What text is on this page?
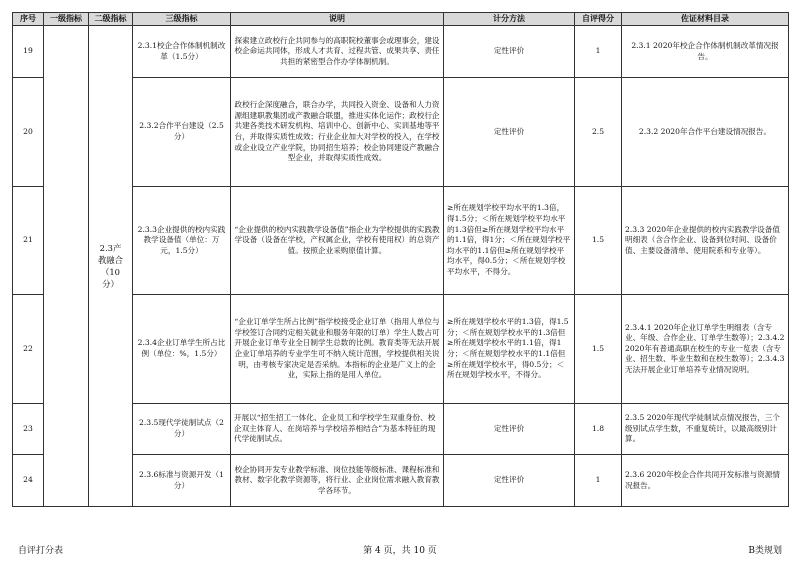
序号	一级指标	二级指标	三级指标	说明	计分方法	自评得分	佐证材料目录
19		2.3产教融合（10分）	2.3.1校企合作体制机制改革（1.5分）	探索建立政校行企共同参与的高职院校董事会或理事会，建设校企命运共同体，形成人才共育、过程共管、成果共享、责任共担的紧密型合作办学体制机制。	定性评价	1	2.3.1 2020年校企合作体制机制改革情况报告。
20			2.3.2合作平台建设（2.5分）	政校行企深度融合，联合办学，共同投入资金、设备和人力资源组建职教集团或产教融合联盟，推进实体化运作；政校行企共建各类技术研发机构、培训中心、创新中心、实训基地等平台，并取得实质性成效；行业企业加大对学校的投入，在学校或企业设立产业学院，协同招生培养；校企协同建设产教融合型企业，并取得实质性成效。	定性评价	2.5	2.3.2 2020年合作平台建设情况报告。
21			2.3.3企业提供的校内实践教学设备值（单位：万元，1.5分）	“企业提供的校内实践教学设备值”指企业为学校提供的实践教学设备（设备在学校，产权属企业，学校有使用权）的总资产值。按照企业采购原值计算。	≥所在规划学校平均水平的1.3倍，得1.5分；＜所在规划学校平均水平的1.3倍但≥所在规划学校平均水平的1.1倍，得1分；＜所在规划学校平均水平的1.1倍但≥所在规划学校平均水平，得0.5分；＜所在规划学校平均水平，不得分。	1.5	2.3.3 2020年企业提供的校内实践教学设备值明细表（含合作企业、设备到位时间、设备价值、主要设备清单、使用院系和专业等）。
22			2.3.4企业订单学生所占比例（单位：%，1.5分）	“企业订单学生所占比例”指学校接受企业订单（指用人单位与学校签订合同约定相关就业和服务年限的订单）学生人数占可开展企业订单专业全日制学生总数的比例。教育类等无法开展企业订单培养的专业学生可不纳入统计范围，学校提供相关说明，由考核专家决定是否采纳。本指标的企业是广义上的企业，实际上指的是用人单位。	≥所在规划学校水平的1.3倍，得1.5分；＜所在规划学校水平的1.3倍但≥所在规划学校水平的1.1倍，得1分；＜所在规划学校水平的1.1倍但≥所在规划学校水平，得0.5分；＜所在规划学校水平，不得分。	1.5	2.3.4.1 2020年企业订单学生明细表（含专业、年级、合作企业、订单学生数等）；2.3.4.2 2020年有普通高职在校生的专业一览表（含专业、招生数、毕业生数和在校生数等）；2.3.4.3 无法开展企业订单培养专业情况说明。
23			2.3.5现代学徒制试点（2分）	开展以“招生招工一体化、企业员工和学校学生双重身份、校企双主体育人、在岗培养与学校培养相结合”为基本特征的现代学徒制试点。	定性评价	1.8	2.3.5 2020年现代学徒制试点情况报告，三个级别试点学生数，不重复统计，以最高级别计算。
24			2.3.6标准与资源开发（1分）	校企协同开发专业教学标准、岗位技能等级标准、课程标准和教材、数字化教学资源等，将行业、企业岗位需求融入教育教学各环节。	定性评价	1	2.3.6 2020年校企合作共同开发标准与资源情况报告。
自评打分表	第 4 页，共 10 页	B类规划
